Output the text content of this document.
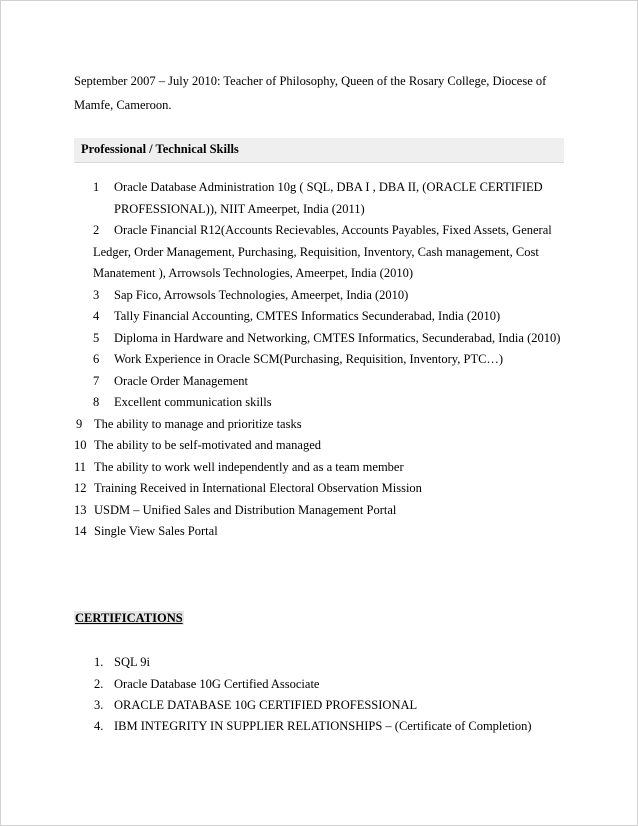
September 2007 – July 2010: Teacher of Philosophy, Queen of the Rosary College, Diocese of
Mamfe, Cameroon.
Professional / Technical Skills
1 Oracle Database Administration 10g ( SQL, DBA I , DBA II, (ORACLE CERTIFIED
PROFESSIONAL)), NIIT Ameerpet, India (2011)
2 Oracle Financial R12(Accounts Recievables, Accounts Payables, Fixed Assets, General
Ledger, Order Management, Purchasing, Requisition, Inventory, Cash management, Cost
Manatement ), Arrowsols Technologies, Ameerpet, India (2010)
3 Sap Fico, Arrowsols Technologies, Ameerpet, India (2010)
4 Tally Financial Accounting, CMTES Informatics Secunderabad, India (2010)
5 Diploma in Hardware and Networking, CMTES Informatics, Secunderabad, India (2010)
6 Work Experience in Oracle SCM(Purchasing, Requisition, Inventory, PTC…)
7 Oracle Order Management
8 Excellent communication skills
9 The ability to manage and prioritize tasks
10 The ability to be self-motivated and managed
11 The ability to work well independently and as a team member
12 Training Received in International Electoral Observation Mission
13 USDM – Unified Sales and Distribution Management Portal
14 Single View Sales Portal
CERTIFICATIONS
1. SQL 9i
2. Oracle Database 10G Certified Associate
3. ORACLE DATABASE 10G CERTIFIED PROFESSIONAL
4. IBM INTEGRITY IN SUPPLIER RELATIONSHIPS – (Certificate of Completion)
